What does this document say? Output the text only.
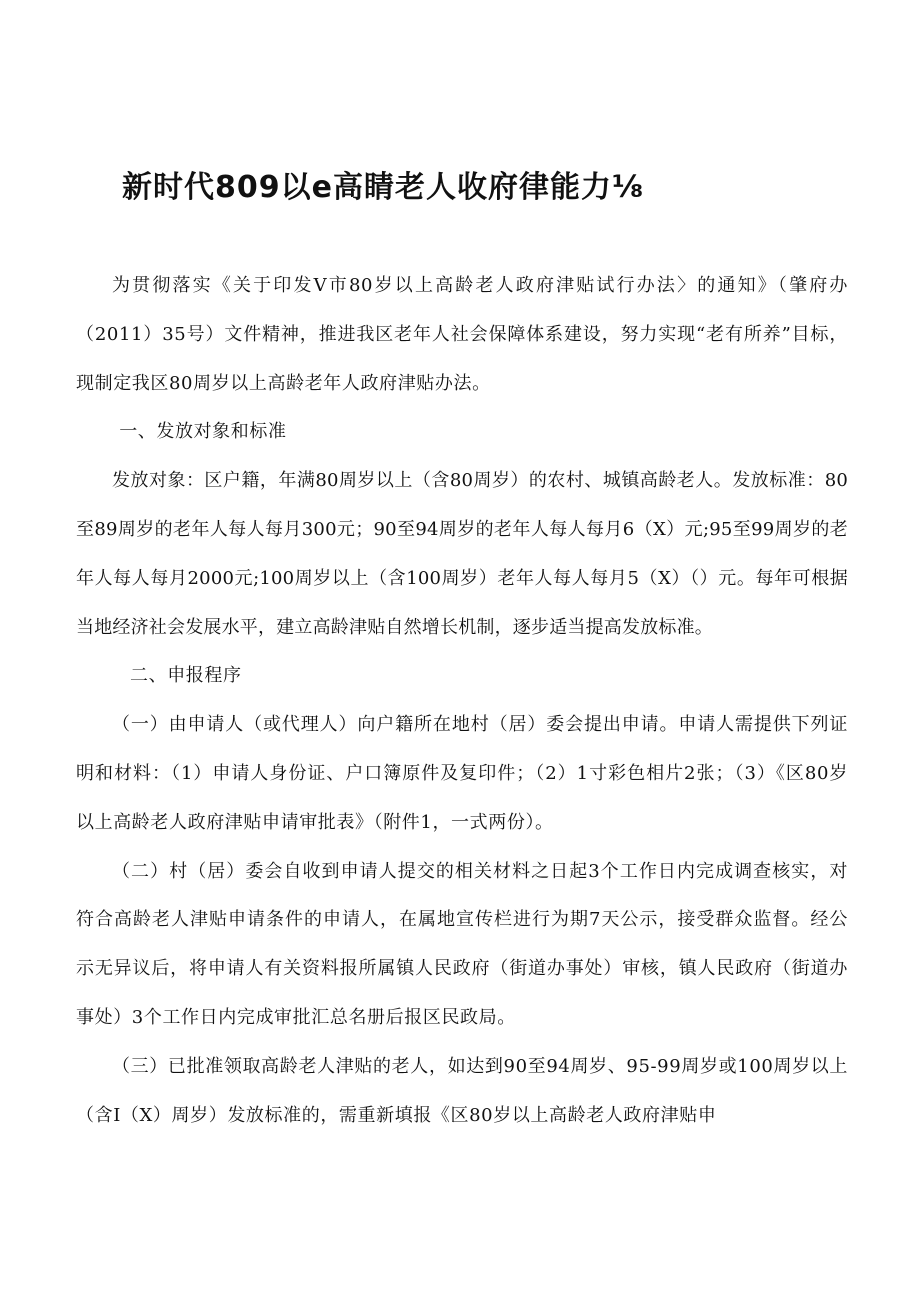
新时代809以e高睛老人收府律能力⅛

为贯彻落实《关于印发V市80岁以上高龄老人政府津贴试行办法〉的通知》（肇府办（2011）35号）文件精神，推进我区老年人社会保障体系建设，努力实现“老有所养”目标，现制定我区80周岁以上高龄老年人政府津贴办法。

一、发放对象和标准

发放对象：区户籍，年满80周岁以上（含80周岁）的农村、城镇高龄老人。发放标准：80至89周岁的老年人每人每月300元；90至94周岁的老年人每人每月6（X）元;95至99周岁的老年人每人每月2000元;100周岁以上（含100周岁）老年人每人每月5（X）（）元。每年可根据当地经济社会发展水平，建立高龄津贴自然增长机制，逐步适当提高发放标准。

二、申报程序

（一）由申请人（或代理人）向户籍所在地村（居）委会提出申请。申请人需提供下列证明和材料：（1）申请人身份证、户口簿原件及复印件；（2）1寸彩色相片2张；（3）《区80岁以上高龄老人政府津贴申请审批表》（附件1，一式两份）。

（二）村（居）委会自收到申请人提交的相关材料之日起3个工作日内完成调查核实，对符合高龄老人津贴申请条件的申请人，在属地宣传栏进行为期7天公示，接受群众监督。经公示无异议后，将申请人有关资料报所属镇人民政府（街道办事处）审核，镇人民政府（街道办事处）3个工作日内完成审批汇总名册后报区民政局。

（三）已批准领取高龄老人津贴的老人，如达到90至94周岁、95-99周岁或100周岁以上（含I（X）周岁）发放标准的，需重新填报《区80岁以上高龄老人政府津贴申
